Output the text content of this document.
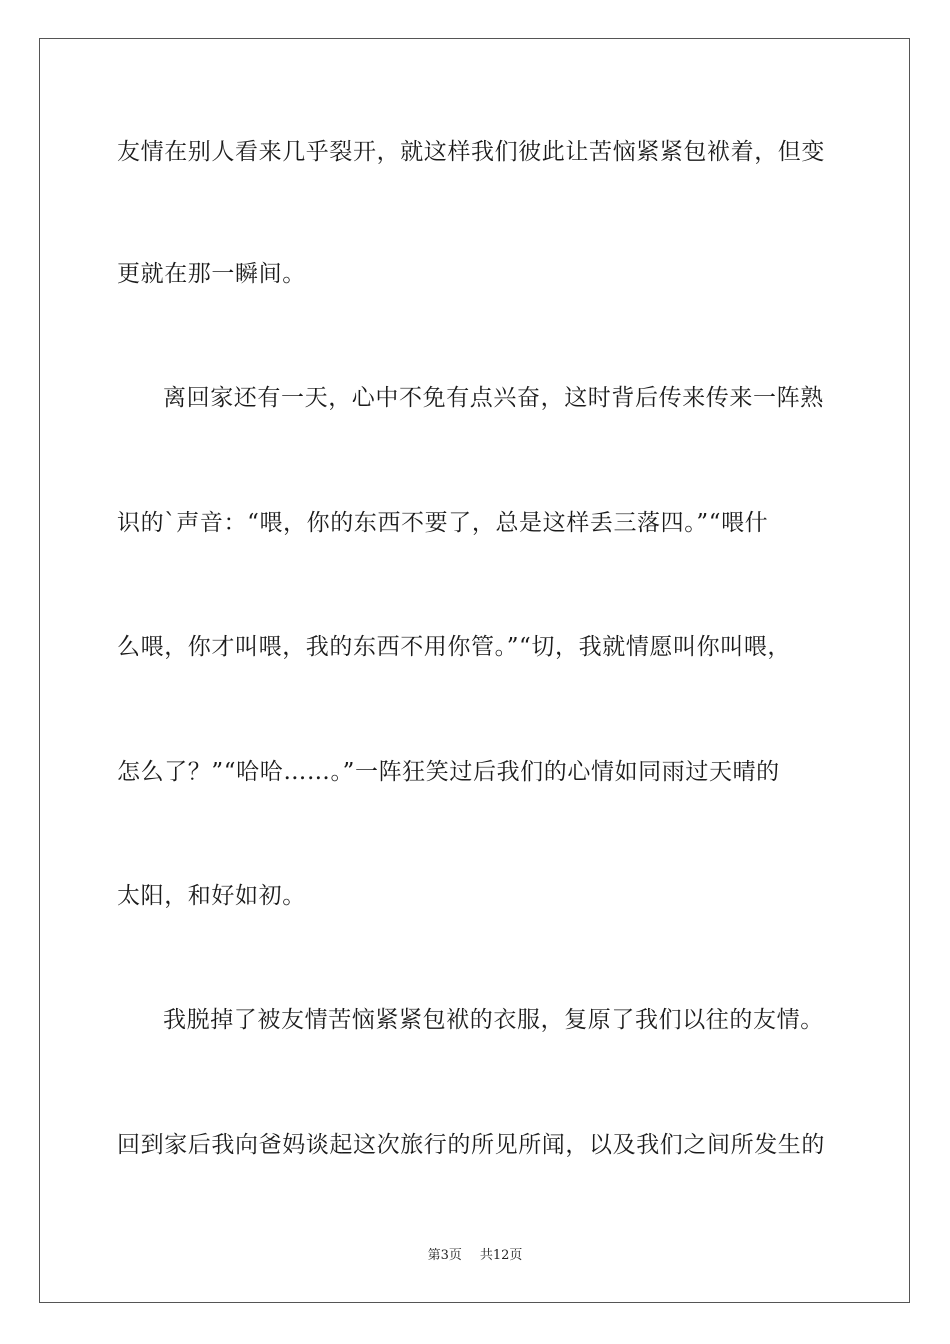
友情在别人看来几乎裂开，就这样我们彼此让苦恼紧紧包袱着，但变
更就在那一瞬间。
离回家还有一天，心中不免有点兴奋，这时背后传来传来一阵熟
识的`声音：“喂，你的东西不要了，总是这样丢三落四。”“喂什
么喂，你才叫喂，我的东西不用你管。”“切，我就情愿叫你叫喂，
怎么了？”“哈哈……。”一阵狂笑过后我们的心情如同雨过天晴的
太阳，和好如初。
我脱掉了被友情苦恼紧紧包袱的衣服，复原了我们以往的友情。
回到家后我向爸妈谈起这次旅行的所见所闻，以及我们之间所发生的
第3页 共12页
